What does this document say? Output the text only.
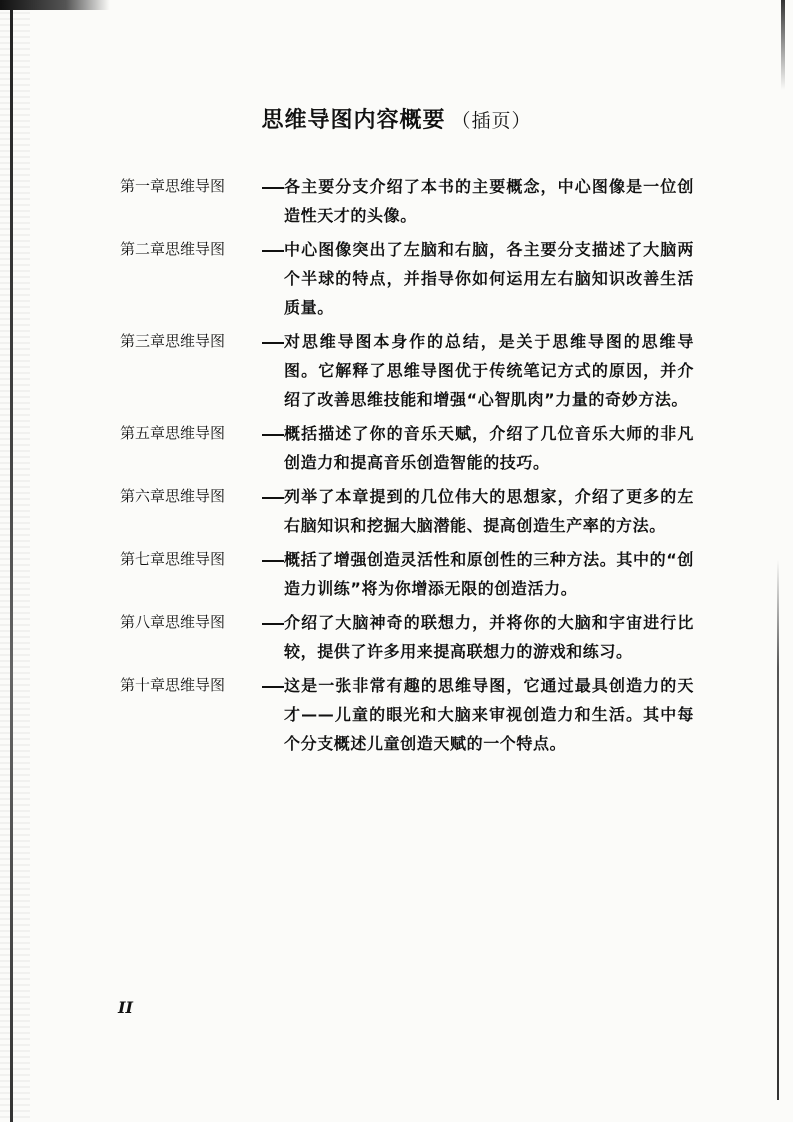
思维导图内容概要 （插页）
第一章思维导图	各主要分支介绍了本书的主要概念，中心图像是一位创造性天才的头像。
第二章思维导图	中心图像突出了左脑和右脑，各主要分支描述了大脑两个半球的特点，并指导你如何运用左右脑知识改善生活质量。
第三章思维导图	对思维导图本身作的总结，是关于思维导图的思维导图。它解释了思维导图优于传统笔记方式的原因，并介绍了改善思维技能和增强“心智肌肉”力量的奇妙方法。
第五章思维导图	概括描述了你的音乐天赋，介绍了几位音乐大师的非凡创造力和提高音乐创造智能的技巧。
第六章思维导图	列举了本章提到的几位伟大的思想家，介绍了更多的左右脑知识和挖掘大脑潜能、提高创造生产率的方法。
第七章思维导图	概括了增强创造灵活性和原创性的三种方法。其中的“创造力训练”将为你增添无限的创造活力。
第八章思维导图	介绍了大脑神奇的联想力，并将你的大脑和宇宙进行比较，提供了许多用来提高联想力的游戏和练习。
第十章思维导图	这是一张非常有趣的思维导图，它通过最具创造力的天才——儿童的眼光和大脑来审视创造力和生活。其中每个分支概述儿童创造天赋的一个特点。
II
